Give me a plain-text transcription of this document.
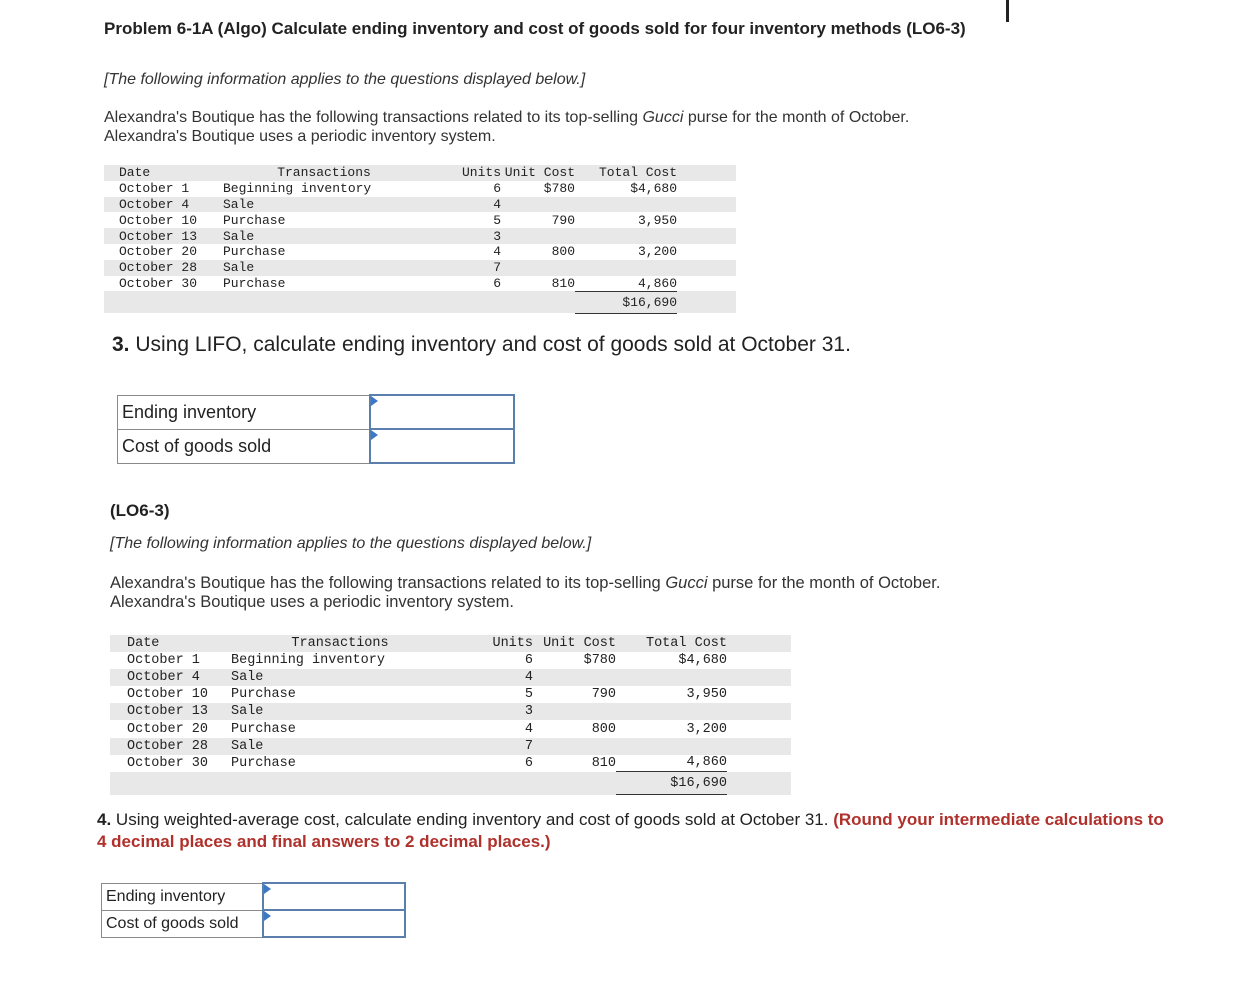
Problem 6-1A (Algo) Calculate ending inventory and cost of goods sold for four inventory methods (LO6-3)
[The following information applies to the questions displayed below.]
Alexandra's Boutique has the following transactions related to its top-selling Gucci purse for the month of October.
Alexandra's Boutique uses a periodic inventory system.
Date	Transactions	Units	Unit Cost	Total Cost	
October 1	Beginning inventory	6	$780	$4,680	
October 4	Sale	4			
October 10	Purchase	5	790	3,950	
October 13	Sale	3			
October 20	Purchase	4	800	3,200	
October 28	Sale	7			
October 30	Purchase	6	810	4,860	
				$16,690	
3. Using LIFO, calculate ending inventory and cost of goods sold at October 31.
Ending inventory	

Cost of goods sold	
(LO6-3)
[The following information applies to the questions displayed below.]
Alexandra's Boutique has the following transactions related to its top-selling Gucci purse for the month of October.
Alexandra's Boutique uses a periodic inventory system.
Date	Transactions	Units	Unit Cost	Total Cost	
October 1	Beginning inventory	6	$780	$4,680	
October 4	Sale	4			
October 10	Purchase	5	790	3,950	
October 13	Sale	3			
October 20	Purchase	4	800	3,200	
October 28	Sale	7			
October 30	Purchase	6	810	4,860	
				$16,690	
4. Using weighted-average cost, calculate ending inventory and cost of goods sold at October 31. (Round your intermediate calculations to 4 decimal places and final answers to 2 decimal places.)
Ending inventory	

Cost of goods sold	
